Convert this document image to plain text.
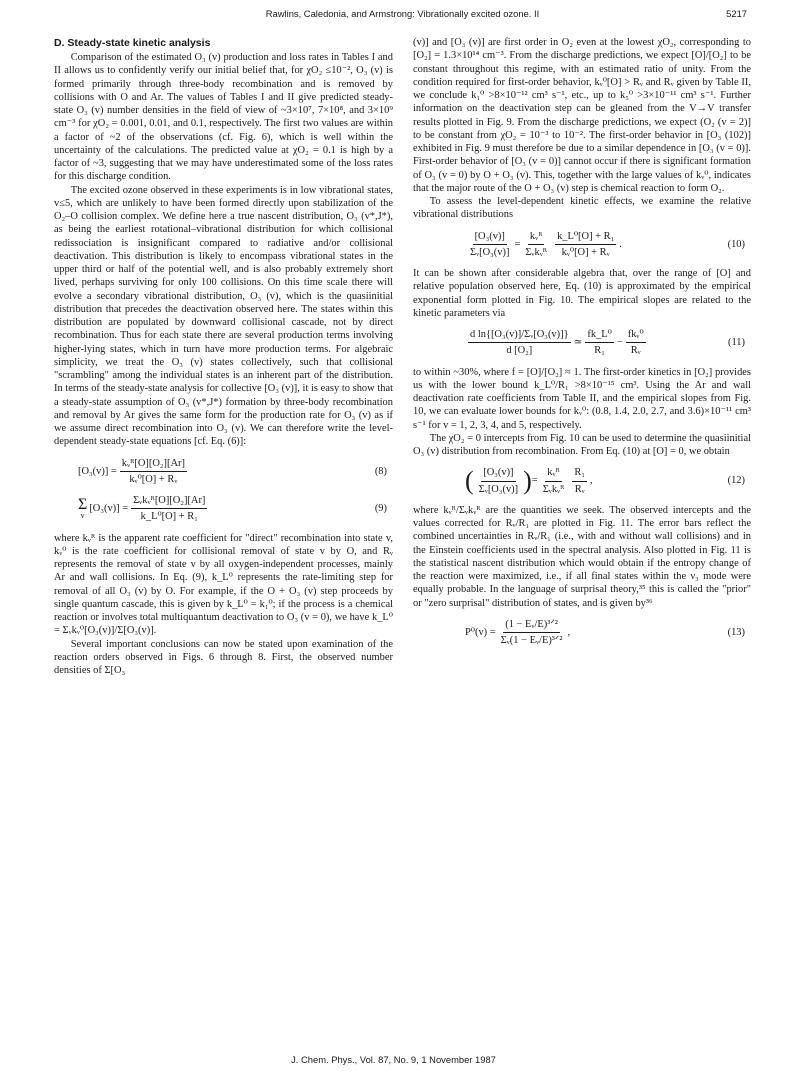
Rawlins, Caledonia, and Armstrong: Vibrationally excited ozone. II	5217
D. Steady-state kinetic analysis

Comparison of the estimated O₃ (v) production and loss rates in Tables I and II allows us to confidently verify our initial belief that, for χO₂ ≤10⁻², O₃ (v) is formed primarily through three-body recombination and is removed by collisions with O and Ar. The values of Tables I and II give predicted steady-state O₃ (v) number densities in the field of view of ~3×10⁷, 7×10⁸, and 3×10⁹ cm⁻³ for χO₂ = 0.001, 0.01, and 0.1, respectively. The first two values are within a factor of ~2 of the observations (cf. Fig. 6), which is well within the uncertainty of the calculations. The predicted value at χO₂ = 0.1 is high by a factor of ~3, suggesting that we may have underestimated some of the loss rates for this discharge condition.

The excited ozone observed in these experiments is in low vibrational states, v≤5, which are unlikely to have been formed directly upon stabilization of the O₂–O collision complex. We define here a true nascent distribution, O₃ (v*,J*), as being the earliest rotational–vibrational distribution for which collisional redissociation is insignificant compared to radiative and/or collisional deactivation. This distribution is likely to encompass vibrational states in the upper third or half of the potential well, and is also probably extremely short lived, perhaps surviving for only 100 collisions. On this time scale there will evolve a secondary vibrational distribution, O₃ (v), which is the quasiinitial distribution that precedes the deactivation observed here. The states within this distribution are populated by downward collisional cascade, not by direct recombination. Thus for each state there are several production terms involving higher-lying states, which in turn have more production terms. For algebraic simplicity, we treat the O₃ (v) states collectively, such that collisional "scrambling" among the individual states is an inherent part of the distribution. In terms of the steady-state analysis for collective [O₃ (v)], it is easy to show that a steady-state assumption of O₃ (v*,J*) formation by three-body recombination and removal by Ar gives the same form for the production rate for O₃ (v) as if we assume direct recombination into O₃ (v). We can therefore write the level-dependent steady-state equations [cf. Eq. (6)]:

$[O_3(v)] = \frac{\text{kᵥᴿ[O][O₂][Ar]}}{\text{kᵥ⁰[O] + Rᵥ}}$	(8)
Σ
v
$[O_3(v)] = \frac{\text{Σᵥkᵥᴿ[O][O₂][Ar]}}{\text{k\_L⁰[O] + R₁}}$	(9)

where kᵥᴿ is the apparent rate coefficient for "direct" recombination into state v, kᵥ⁰ is the rate coefficient for collisional removal of state v by O, and Rᵥ represents the removal of state v by all oxygen-independent processes, mainly Ar and wall collisions. In Eq. (9), k_L⁰ represents the rate-limiting step for removal of all O₃ (v) by O. For example, if the O + O₃ (v) step proceeds by single quantum cascade, this is given by k_L⁰ = k₁⁰; if the process is a chemical reaction or involves total multiquantum deactivation to O₃ (v = 0), we have k_L⁰ = Σᵥkᵥ⁰[O₃(v)]/Σ[O₃(v)].

Several important conclusions can now be stated upon examination of the reaction orders observed in Figs. 6 through 8. First, the observed number densities of Σ[O₃

(v)] and [O₃ (v)] are first order in O₂ even at the lowest χO₂, corresponding to [O₂] = 1.3×10¹⁴ cm⁻³. From the discharge predictions, we expect [O]/[O₂] to be constant throughout this regime, with an estimated ratio of unity. From the condition required for first-order behavior, kᵥ⁰[O] > Rᵥ and Rᵥ given by Table II, we conclude k₁⁰ >8×10⁻¹² cm³ s⁻¹, etc., up to k₅⁰ >3×10⁻¹¹ cm³ s⁻¹. Further information on the deactivation step can be gleaned from the V→V transfer results plotted in Fig. 9. From the discharge predictions, we expect (O₂ (v = 2)] to be constant from χO₂ = 10⁻³ to 10⁻². The first-order behavior in [O₃ (102)] exhibited in Fig. 9 must therefore be due to a similar dependence in [O₃ (v = 0)]. First-order behavior of [O₃ (v = 0)] cannot occur if there is significant formation of O₃ (v = 0) by O + O₃ (v). This, together with the large values of kᵥ⁰, indicates that the major route of the O + O₃ (v) step is chemical reaction to form O₂.

To assess the level-dependent kinetic effects, we examine the relative vibrational distributions

$\frac{\text{[O₃(v)]}}{\text{Σᵥ[O₃(v)]}} = \frac{\text{kᵥᴿ}}{\text{Σᵥkᵥᴿ}} \frac{\text{k\_L⁰[O] + R₁}}{\text{kᵥ⁰[O] + Rᵥ}}$ .	(10)

It can be shown after considerable algebra that, over the range of [O] and relative population observed here, Eq. (10) is approximated by the empirical exponential form plotted in Fig. 10. The empirical slopes are related to the kinetic parameters via

$\frac{\text{d ln\{[O₃(v)]/Σᵥ[O₃(v)]\}}}{\text{d [O₂]}}$ ≃ $\frac{\text{fk\_L⁰}}{\text{R₁}} - \frac{\text{fkᵥ⁰}}{\text{Rᵥ}}$	(11)

to within ~30%, where f = [O]/[O₂] ≈ 1. The first-order kinetics in [O₂] provides us with the lower bound k_L⁰/R₁ >8×10⁻¹⁵ cm³. Using the Ar and wall deactivation rate coefficients from Table II, and the empirical slopes from Fig. 10, we can evaluate lower bounds for kᵥ⁰: (0.8, 1.4, 2.0, 2.7, and 3.6)×10⁻¹¹ cm³ s⁻¹ for v = 1, 2, 3, 4, and 5, respectively.

The χO₂ = 0 intercepts from Fig. 10 can be used to determine the quasiinitial O₃ (v) distribution from recombination. From Eq. (10) at [O] = 0, we obtain

( $\frac{\text{[O₃(v)]}}{\text{Σᵥ[O₃(v)]}}$ ) = $\frac{\text{kᵥᴿ}}{\text{Σᵥkᵥᴿ}} \frac{\text{R₁}}{\text{Rᵥ}}$ ,	(12)

where kᵥᴿ/Σᵥkᵥᴿ are the quantities we seek. The observed intercepts and the values corrected for Rᵥ/R₁ are plotted in Fig. 11. The error bars reflect the combined uncertainties in Rᵥ/R₁ (i.e., with and without wall collisions) and in the Einstein coefficients used in the spectral analysis. Also plotted in Fig. 11 is the statistical nascent distribution which would obtain if the entropy change of the reaction were maximized, i.e., if all final states within the ν₃ mode were equally probable. In the language of surprisal theory,³⁵ this is called the "prior" or "zero surprisal" distribution of states, and is given by³⁶

$P^0(v) = \frac{\text{(1 − Eᵥ/E)³ᐟ²}}{\text{Σᵥ(1 − Eᵥ/E)³ᐟ²}}$ ,	(13)
J. Chem. Phys., Vol. 87, No. 9, 1 November 1987
